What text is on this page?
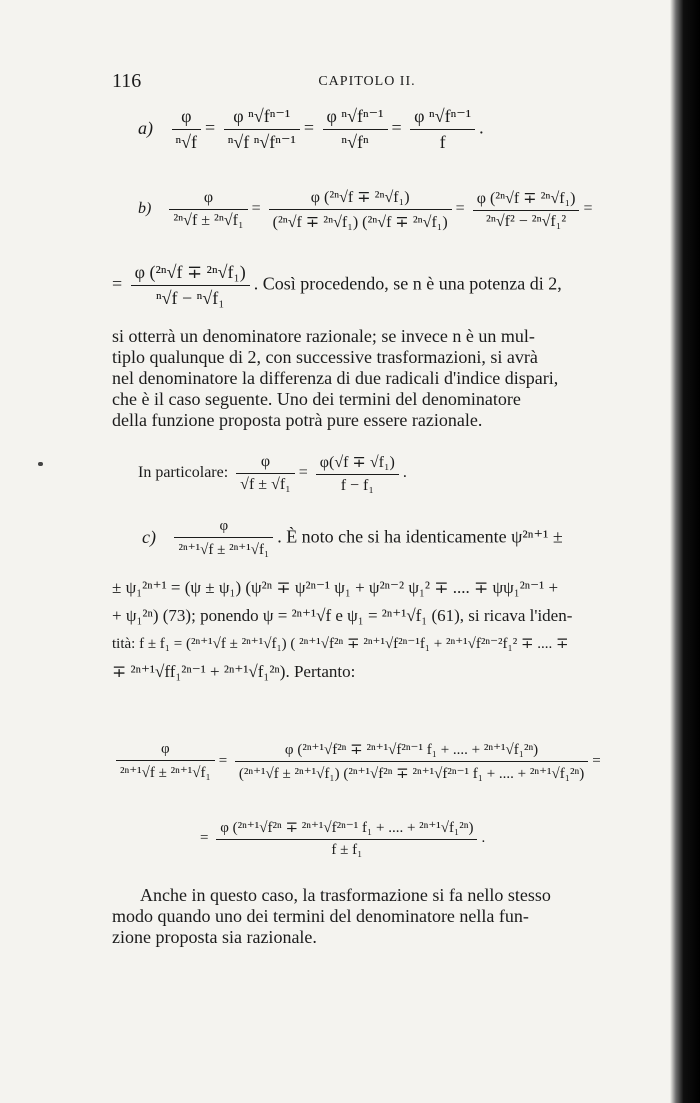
116	CAPITOLO II.
$a) \frac{\varphi}{\text{ⁿ√f}} = \frac{\text{φ ⁿ√fⁿ⁻¹}}{\text{ⁿ√f ⁿ√fⁿ⁻¹}} = \frac{\text{φ ⁿ√fⁿ⁻¹}}{\text{ⁿ√fⁿ}} = \frac{\text{φ ⁿ√fⁿ⁻¹}}{f}$ .
$b) \frac{\varphi}{\text{²ⁿ√f ± ²ⁿ√f₁}} = \frac{\text{φ (²ⁿ√f ∓ ²ⁿ√f₁)}}{\text{(²ⁿ√f ∓ ²ⁿ√f₁) (²ⁿ√f ∓ ²ⁿ√f₁)}} = \frac{\text{φ (²ⁿ√f ∓ ²ⁿ√f₁)}}{\text{²ⁿ√f² − ²ⁿ√f₁²}}$ =
= $\frac{\text{φ (²ⁿ√f ∓ ²ⁿ√f₁)}}{\text{ⁿ√f − ⁿ√f₁}}$ . Così procedendo, se n è una potenza di 2,
si otterrà un denominatore razionale; se invece n è un mul-
tiplo qualunque di 2, con successive trasformazioni, si avrà
nel denominatore la differenza di due radicali d'indice dispari,
che è il caso seguente. Uno dei termini del denominatore
della funzione proposta potrà pure essere razionale.
In particolare: $\frac{\varphi}{\text{√f ± √f₁}} = \frac{\text{φ(√f ∓ √f₁)}}{\text{f − f₁}}$ .
$c) \frac{\varphi}{\text{²ⁿ⁺¹√f ± ²ⁿ⁺¹√f₁}}$ . È noto che si ha identicamente ψ²ⁿ⁺¹ ±
± ψ₁²ⁿ⁺¹ = (ψ ± ψ₁) (ψ²ⁿ ∓ ψ²ⁿ⁻¹ ψ₁ + ψ²ⁿ⁻² ψ₁² ∓ .... ∓ ψψ₁²ⁿ⁻¹ +
+ ψ₁²ⁿ) (73); ponendo ψ = ²ⁿ⁺¹√f e ψ₁ = ²ⁿ⁺¹√f₁ (61), si ricava l'iden-
tità: f ± f₁ = (²ⁿ⁺¹√f ± ²ⁿ⁺¹√f₁) ( ²ⁿ⁺¹√f²ⁿ ∓ ²ⁿ⁺¹√f²ⁿ⁻¹f₁ + ²ⁿ⁺¹√f²ⁿ⁻²f₁² ∓ .... ∓
∓ ²ⁿ⁺¹√ff₁²ⁿ⁻¹ + ²ⁿ⁺¹√f₁²ⁿ). Pertanto:
$\frac{\varphi}{\text{²ⁿ⁺¹√f ± ²ⁿ⁺¹√f₁}}$ =
φ (²ⁿ⁺¹√f²ⁿ ∓ ²ⁿ⁺¹√f²ⁿ⁻¹ f₁ + .... + ²ⁿ⁺¹√f₁²ⁿ)
(²ⁿ⁺¹√f ± ²ⁿ⁺¹√f₁) (²ⁿ⁺¹√f²ⁿ ∓ ²ⁿ⁺¹√f²ⁿ⁻¹ f₁ + .... + ²ⁿ⁺¹√f₁²ⁿ)
=
= $\frac{\text{φ (²ⁿ⁺¹√f²ⁿ ∓ ²ⁿ⁺¹√f²ⁿ⁻¹ f₁ + .... + ²ⁿ⁺¹√f₁²ⁿ)}}{\text{f ± f₁}}$ .
Anche in questo caso, la trasformazione si fa nello stesso
modo quando uno dei termini del denominatore nella fun-
zione proposta sia razionale.
